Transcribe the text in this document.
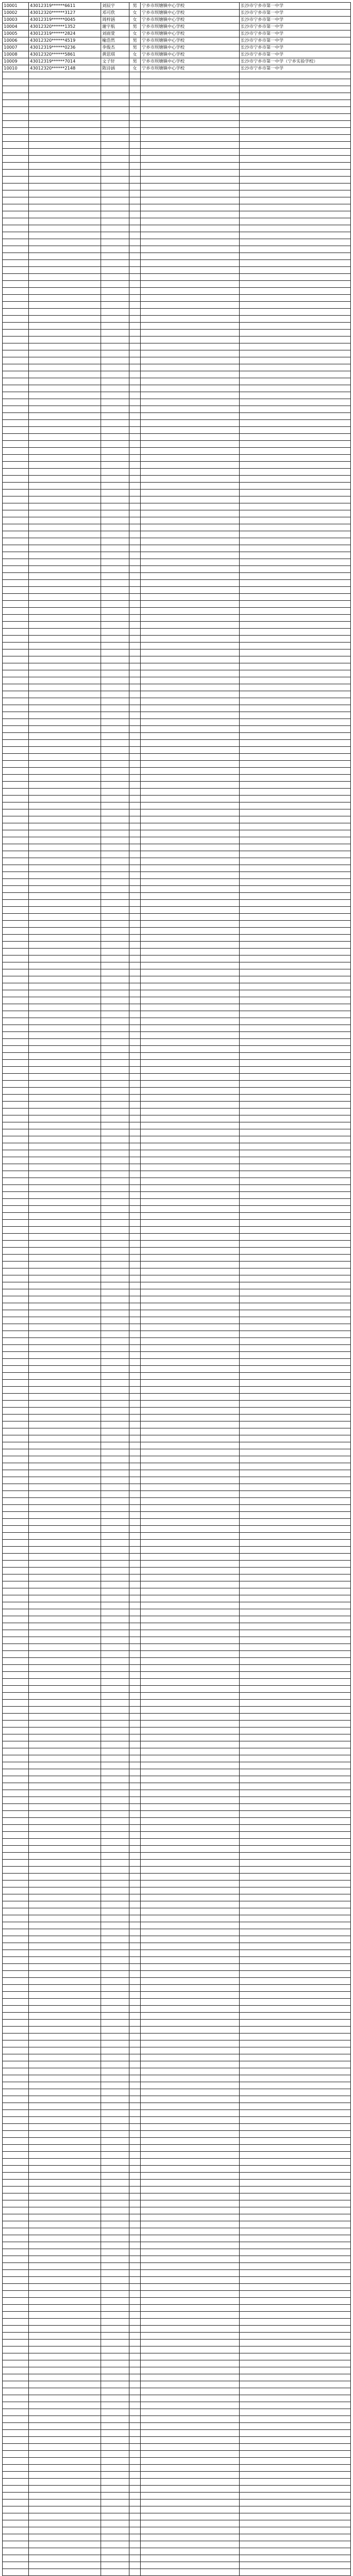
10001	43012319******6611	刘辰宇	男	宁乡市坝塘镇中心学校	长沙市宁乡市第一中学
10002	43012320******3127	邓可欣	女	宁乡市坝塘镇中心学校	长沙市宁乡市第一中学
10003	43012319******0045	周梓涵	女	宁乡市坝塘镇中心学校	长沙市宁乡市第一中学
10004	43012320******1352	谢宇航	男	宁乡市坝塘镇中心学校	长沙市宁乡市第一中学
10005	43012319******2824	刘雨萱	女	宁乡市坝塘镇中心学校	长沙市宁乡市第一中学
10006	43012320******4519	喻浩然	男	宁乡市坝塘镇中心学校	长沙市宁乡市第一中学
10007	43012319******0236	李俊杰	男	宁乡市坝塘镇中心学校	长沙市宁乡市第一中学
10008	43012320******5861	黄思琪	女	宁乡市坝塘镇中心学校	长沙市宁乡市第一中学
10009	43012319******7014	文子轩	男	宁乡市坝塘镇中心学校	长沙市宁乡市第一中学（宁乡实验学校）
10010	43012320******2148	陈诗涵	女	宁乡市坝塘镇中心学校	长沙市宁乡市第一中学
